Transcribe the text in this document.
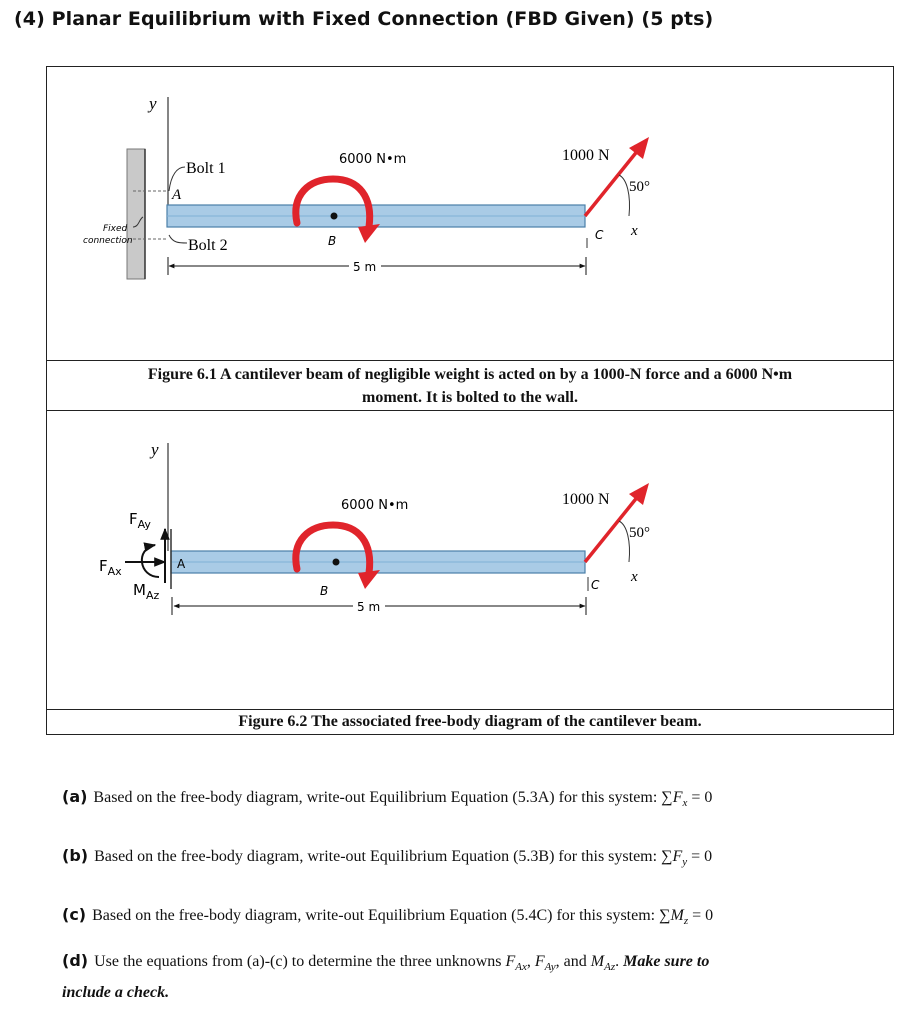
(4) Planar Equilibrium with Fixed Connection (FBD Given) (5 pts)
y
Bolt 1
A
Bolt 2
Fixed
connection
6000 N•m
B
1000 N
50°
x
C
5 m
Figure 6.1 A cantilever beam of negligible weight is acted on by a 1000-N force and a 6000 N•m
moment. It is bolted to the wall.
y
A
$F_{Ay}$
$F_{Ax}$
$M_{Az}$
6000 N•m
B
1000 N
50°
x
C
5 m
Figure 6.2 The associated free-body diagram of the cantilever beam.
(a) Based on the free-body diagram, write-out Equilibrium Equation (5.3A) for this system: $\sum F_x = 0$
(b) Based on the free-body diagram, write-out Equilibrium Equation (5.3B) for this system: $\sum F_y = 0$
(c) Based on the free-body diagram, write-out Equilibrium Equation (5.4C) for this system: $\sum M_z = 0$
(d) Use the equations from (a)-(c) to determine the three unknowns $F_{Ax}$, $F_{Ay}$, and $M_{Az}$. Make sure to
include a check.
